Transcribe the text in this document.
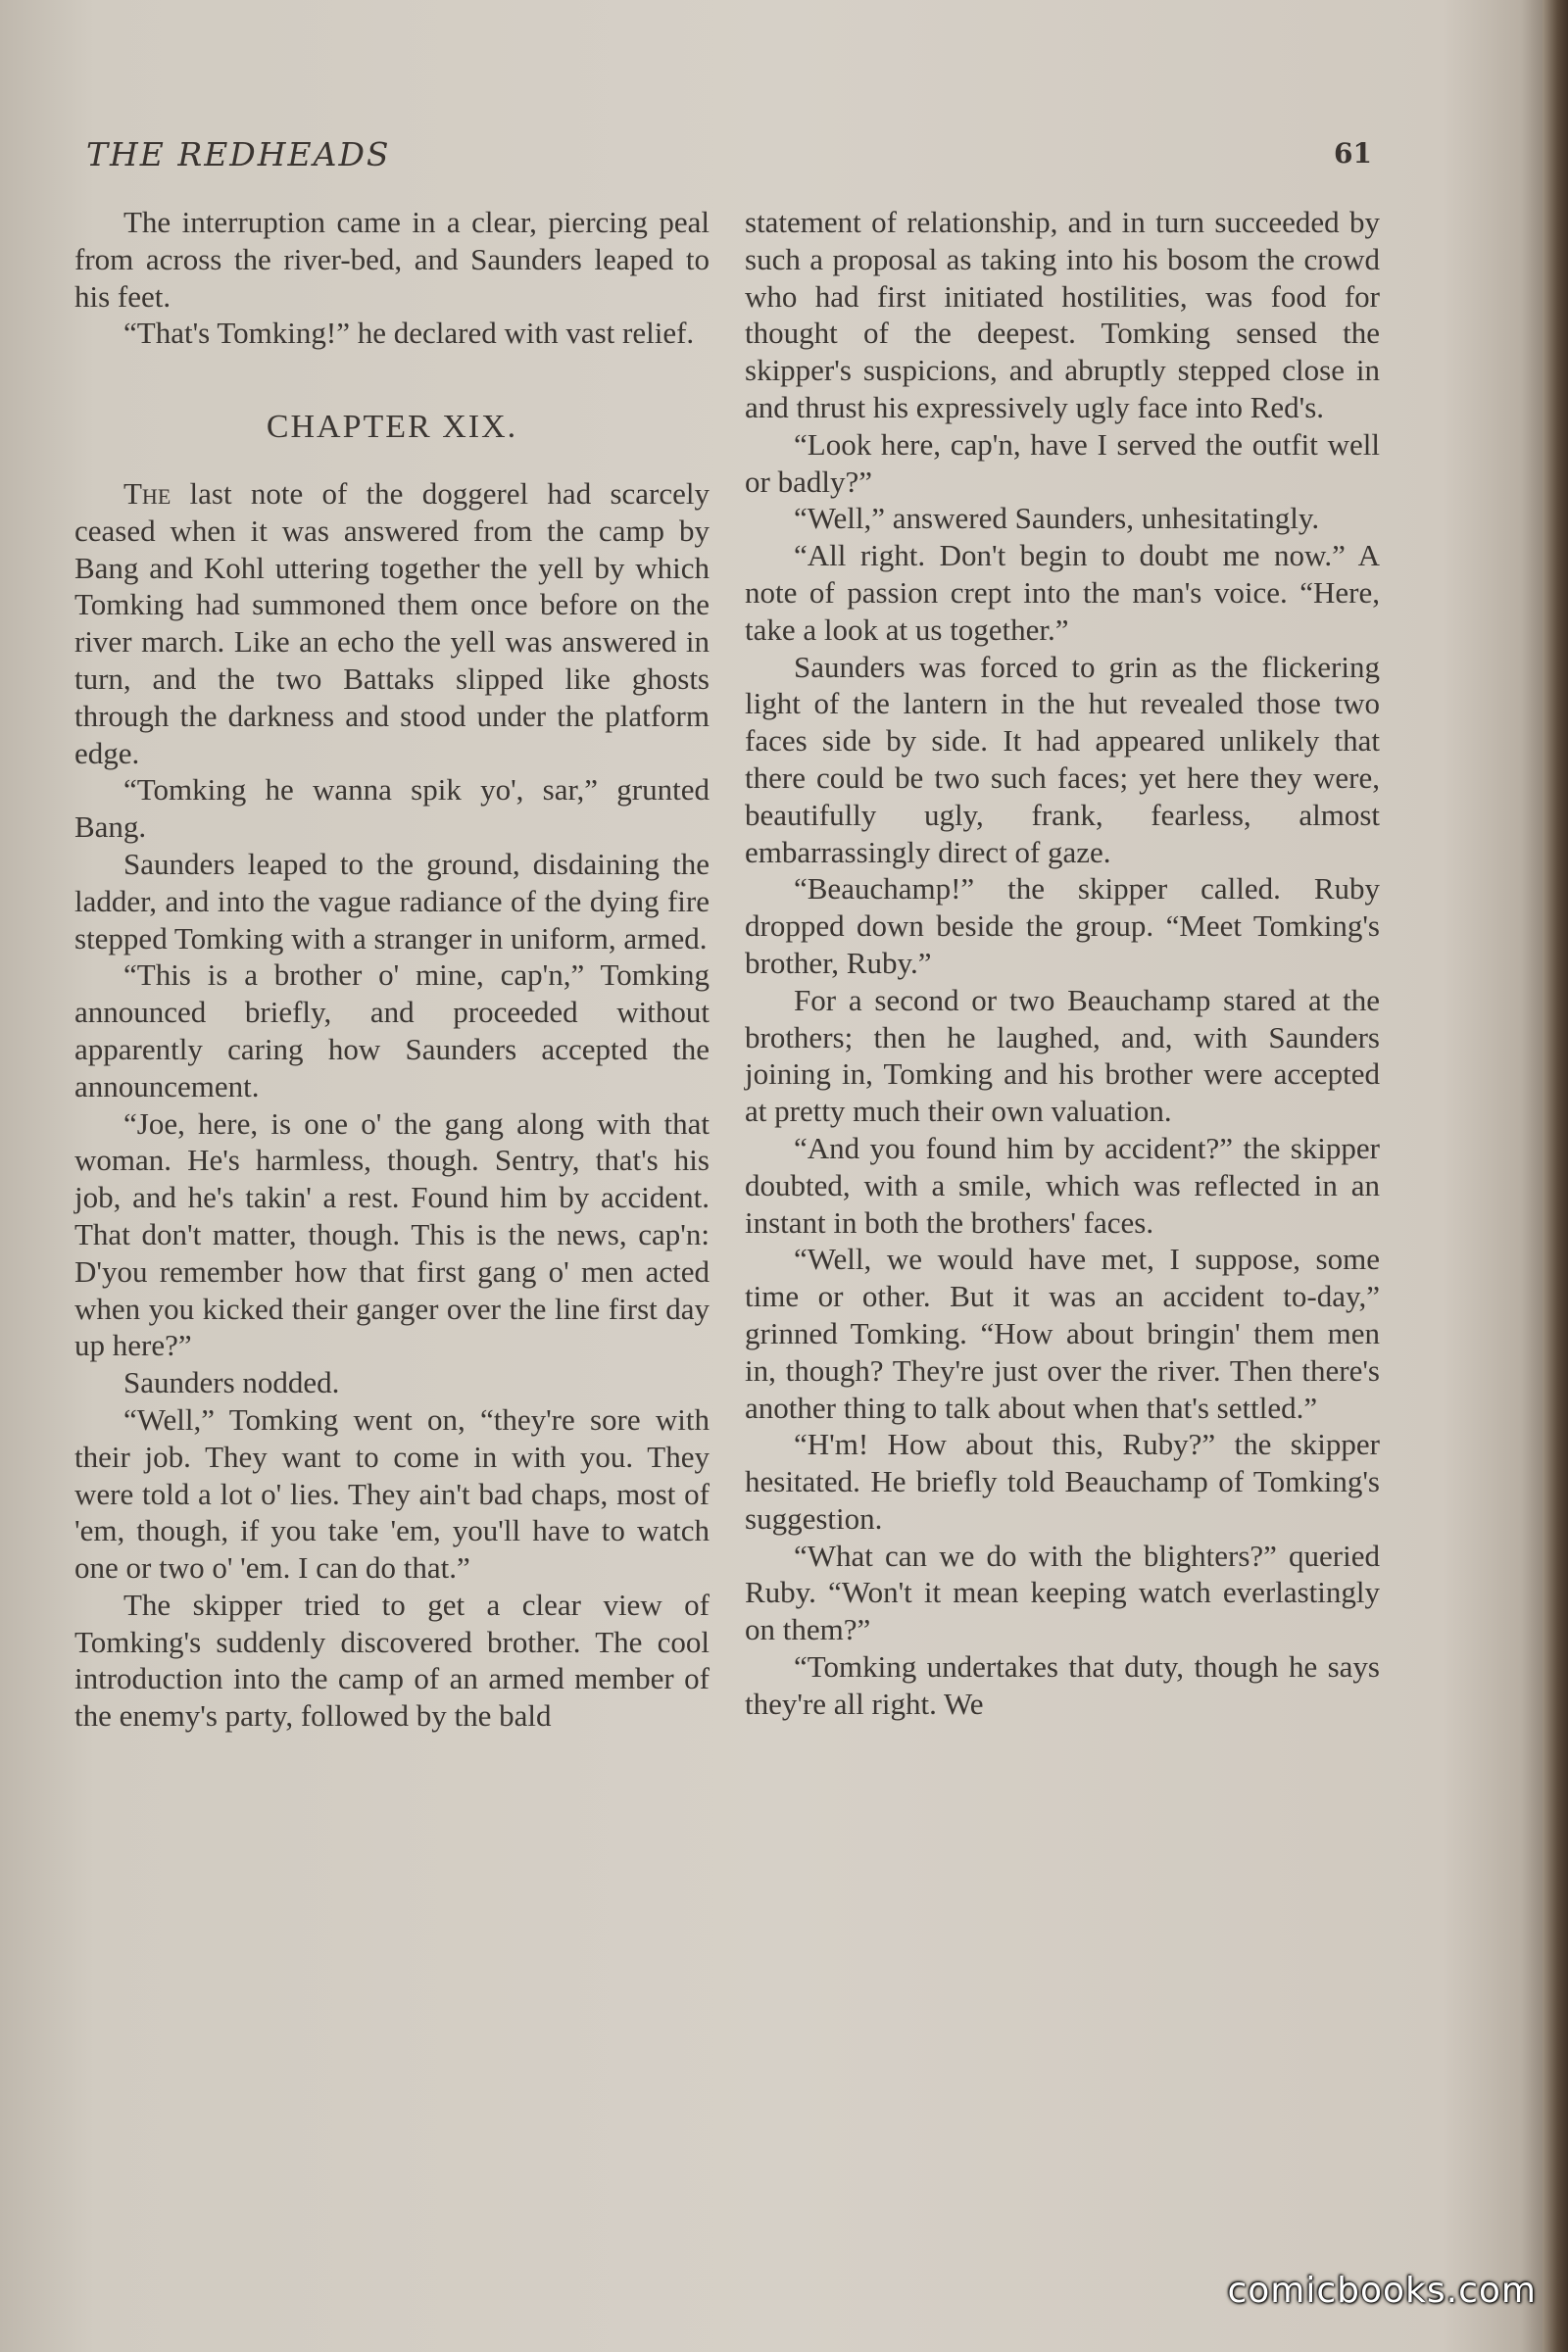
THE REDHEADS	61

The interruption came in a clear, piercing peal from across the river-bed, and Saunders leaped to his feet.

“That's Tomking!” he declared with vast relief.

CHAPTER XIX.

The last note of the doggerel had scarcely ceased when it was answered from the camp by Bang and Kohl uttering together the yell by which Tomking had summoned them once before on the river march. Like an echo the yell was answered in turn, and the two Battaks slipped like ghosts through the darkness and stood under the platform edge.

“Tomking he wanna spik yo', sar,” grunted Bang.

Saunders leaped to the ground, disdaining the ladder, and into the vague radiance of the dying fire stepped Tomking with a stranger in uniform, armed.

“This is a brother o' mine, cap'n,” Tomking announced briefly, and proceeded without apparently caring how Saunders accepted the announcement.

“Joe, here, is one o' the gang along with that woman. He's harmless, though. Sentry, that's his job, and he's takin' a rest. Found him by accident. That don't matter, though. This is the news, cap'n: D'you remember how that first gang o' men acted when you kicked their ganger over the line first day up here?”

Saunders nodded.

“Well,” Tomking went on, “they're sore with their job. They want to come in with you. They were told a lot o' lies. They ain't bad chaps, most of 'em, though, if you take 'em, you'll have to watch one or two o' 'em. I can do that.”

The skipper tried to get a clear view of Tomking's suddenly discovered brother. The cool introduction into the camp of an armed member of the enemy's party, followed by the bald

statement of relationship, and in turn succeeded by such a proposal as taking into his bosom the crowd who had first initiated hostilities, was food for thought of the deepest. Tomking sensed the skipper's suspicions, and abruptly stepped close in and thrust his expressively ugly face into Red's.

“Look here, cap'n, have I served the outfit well or badly?”

“Well,” answered Saunders, unhesitatingly.

“All right. Don't begin to doubt me now.” A note of passion crept into the man's voice. “Here, take a look at us together.”

Saunders was forced to grin as the flickering light of the lantern in the hut revealed those two faces side by side. It had appeared unlikely that there could be two such faces; yet here they were, beautifully ugly, frank, fearless, almost embarrassingly direct of gaze.

“Beauchamp!” the skipper called. Ruby dropped down beside the group. “Meet Tomking's brother, Ruby.”

For a second or two Beauchamp stared at the brothers; then he laughed, and, with Saunders joining in, Tomking and his brother were accepted at pretty much their own valuation.

“And you found him by accident?” the skipper doubted, with a smile, which was reflected in an instant in both the brothers' faces.

“Well, we would have met, I suppose, some time or other. But it was an accident to-day,” grinned Tomking. “How about bringin' them men in, though? They're just over the river. Then there's another thing to talk about when that's settled.”

“H'm! How about this, Ruby?” the skipper hesitated. He briefly told Beauchamp of Tomking's suggestion.

“What can we do with the blighters?” queried Ruby. “Won't it mean keeping watch everlastingly on them?”

“Tomking undertakes that duty, though he says they're all right. We

comicbooks.com
